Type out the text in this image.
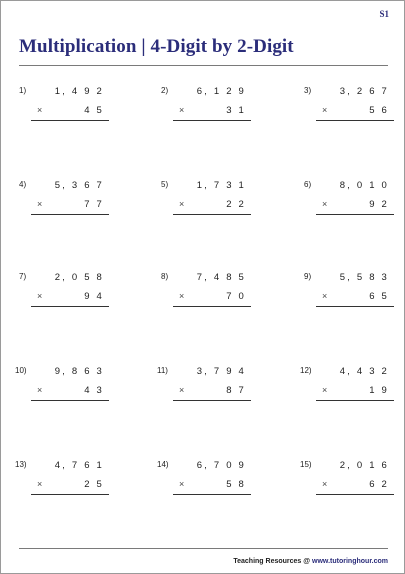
S1
Multiplication | 4-Digit by 2-Digit
1)	1, 4 9 2
×	4 5
2)	6, 1 2 9
×	3 1
3)	3, 2 6 7
×	5 6
4)	5, 3 6 7
×	7 7
5)	1, 7 3 1
×	2 2
6)	8, 0 1 0
×	9 2
7)	2, 0 5 8
×	9 4
8)	7, 4 8 5
×	7 0
9)	5, 5 8 3
×	6 5
10)	9, 8 6 3
×	4 3
11)	3, 7 9 4
×	8 7
12)	4, 4 3 2
×	1 9
13)	4, 7 6 1
×	2 5
14)	6, 7 0 9
×	5 8
15)	2, 0 1 6
×	6 2
Teaching Resources @ www.tutoringhour.com
